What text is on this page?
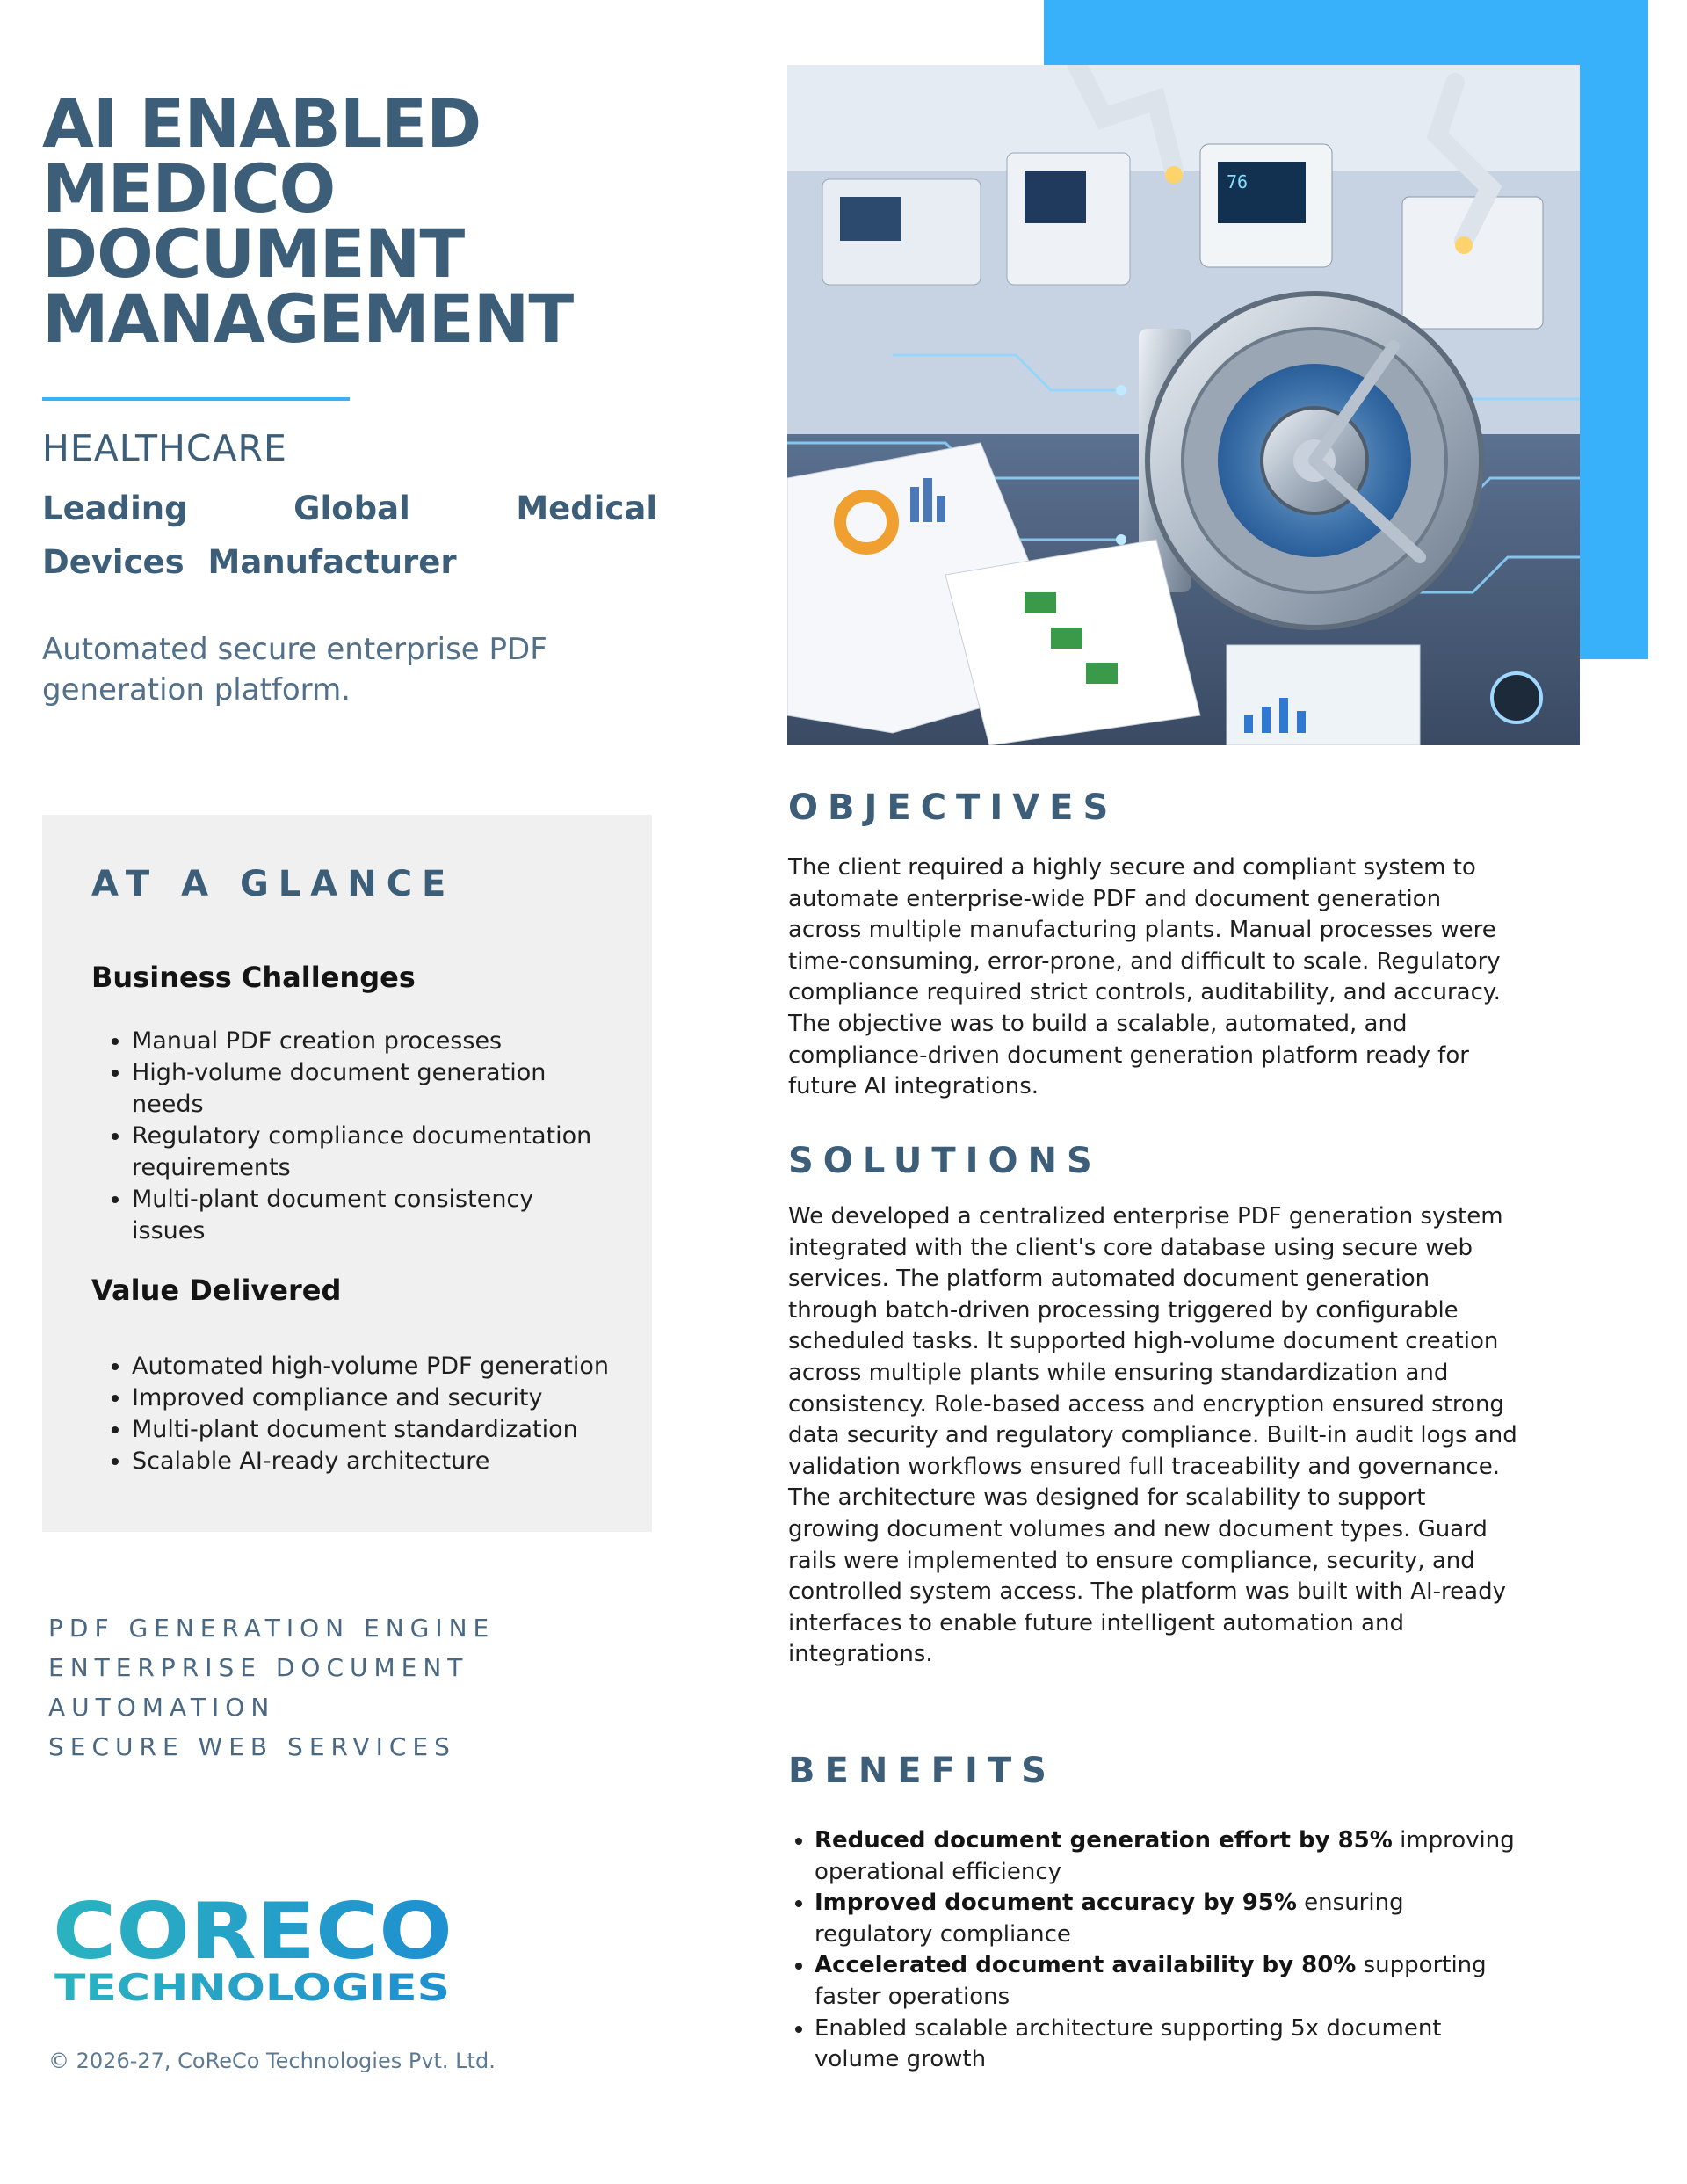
76
AI ENABLED
MEDICO
DOCUMENT
MANAGEMENT
HEALTHCARE
Leading Global Medical Devices Manufacturer
Automated secure enterprise PDF generation platform.
AT A GLANCE
Business Challenges
• Manual PDF creation processes
• High-volume document generation needs
• Regulatory compliance documentation requirements
• Multi-plant document consistency issues
Value Delivered
• Automated high-volume PDF generation
• Improved compliance and security
• Multi-plant document standardization
• Scalable AI-ready architecture
PDF GENERATION ENGINE
ENTERPRISE DOCUMENT
AUTOMATION
SECURE WEB SERVICES
CORECO
TECHNOLOGIES
© 2026-27, CoReCo Technologies Pvt. Ltd.
OBJECTIVES

The client required a highly secure and compliant system to automate enterprise-wide PDF and document generation across multiple manufacturing plants. Manual processes were time-consuming, error-prone, and difficult to scale. Regulatory compliance required strict controls, auditability, and accuracy. The objective was to build a scalable, automated, and compliance-driven document generation platform ready for future AI integrations.

SOLUTIONS

We developed a centralized enterprise PDF generation system integrated with the client's core database using secure web services. The platform automated document generation through batch-driven processing triggered by configurable scheduled tasks. It supported high-volume document creation across multiple plants while ensuring standardization and consistency. Role-based access and encryption ensured strong data security and regulatory compliance. Built-in audit logs and validation workflows ensured full traceability and governance. The architecture was designed for scalability to support growing document volumes and new document types. Guard rails were implemented to ensure compliance, security, and controlled system access. The platform was built with AI-ready interfaces to enable future intelligent automation and integrations.

BENEFITS
• Reduced document generation effort by 85% improving operational efficiency
• Improved document accuracy by 95% ensuring regulatory compliance
• Accelerated document availability by 80% supporting faster operations
• Enabled scalable architecture supporting 5x document volume growth
